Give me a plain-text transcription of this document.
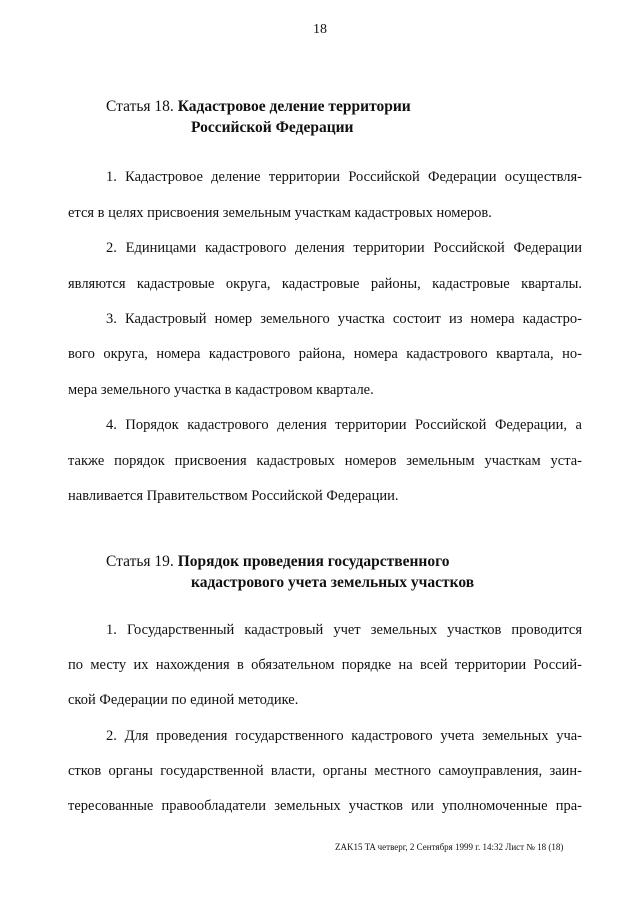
18
Статья 18. Кадастровое деление территории
Российской Федерации
1. Кадастровое деление территории Российской Федерации осуществля-
ется в целях присвоения земельным участкам кадастровых номеров.
2. Единицами кадастрового деления территории Российской Федерации
являются кадастровые округа, кадастровые районы, кадастровые кварталы.
3. Кадастровый номер земельного участка состоит из номера кадастро-
вого округа, номера кадастрового района, номера кадастрового квартала, но-
мера земельного участка в кадастровом квартале.
4. Порядок кадастрового деления территории Российской Федерации, а
также порядок присвоения кадастровых номеров земельным участкам уста-
навливается Правительством Российской Федерации.
Статья 19. Порядок проведения государственного
кадастрового учета земельных участков
1. Государственный кадастровый учет земельных участков проводится
по месту их нахождения в обязательном порядке на всей территории Россий-
ской Федерации по единой методике.
2. Для проведения государственного кадастрового учета земельных уча-
стков органы государственной власти, органы местного самоуправления, заин-
тересованные правообладатели земельных участков или уполномоченные пра-
ZAK15 TA четверг, 2 Сентября 1999 г. 14:32 Лист № 18 (18)
